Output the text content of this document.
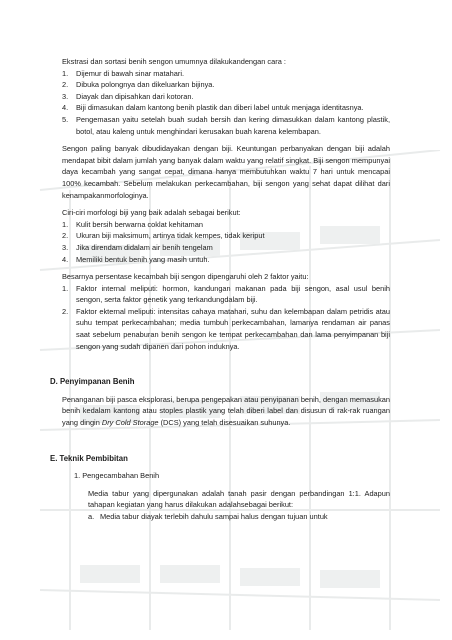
Ekstrasi dan sortasi benih sengon umumnya dilakukandengan cara :

1. Dijemur di bawah sinar matahari.
2. Dibuka polongnya dan dikeluarkan bijinya.
3. Diayak dan dipisahkan dari kotoran.
4. Biji dimasukan dalam kantong benih plastik dan diberi label untuk menjaga identitasnya.
5. Pengemasan yaitu setelah buah sudah bersih dan kering dimasukkan dalam kantong plastik, botol, atau kaleng untuk menghindari kerusakan buah karena kelembapan.

Sengon paling banyak dibudidayakan dengan biji. Keuntungan perbanyakan dengan biji adalah mendapat bibit dalam jumlah yang banyak dalam waktu yang relatif singkat. Biji sengon mempunyai daya kecambah yang sangat cepat, dimana hanya membutuhkan waktu 7 hari untuk mencapai 100% kecambah. Sebelum melakukan perkecambahan, biji sengon yang sehat dapat dilihat dari kenampakanmorfologinya.

Ciri-ciri morfologi biji yang baik adalah sebagai berikut:

1. Kulit bersih berwarna coklat kehitaman
2. Ukuran biji maksimum, artinya tidak kempes, tidak keriput
3. Jika direndam didalam air benih tengelam
4. Memiliki bentuk benih yang masih untuh.

Besarnya persentase kecambah biji sengon dipengaruhi oleh 2 faktor yaitu:

1. Faktor internal meliputi: hormon, kandungan makanan pada biji sengon, asal usul benih sengon, serta faktor genetik yang terkandungdalam biji.
2. Faktor ekternal meliputi: intensitas cahaya matahari, suhu dan kelembapan dalam petridis atau suhu tempat perkecambahan; media tumbuh perkecambahan, lamanya rendaman air panas saat sebelum penaburan benih sengon ke tempat perkecambahan dan lama penyimpanan biji sengon yang sudah dipanen dari pohon induknya.

D. Penyimpanan Benih

Penanganan biji pasca eksplorasi, berupa pengepakan atau penyipanan benih, dengan memasukan benih kedalam kantong atau stoples plastik yang telah diberi label dan disusun di rak-rak ruangan yang dingin Dry Cold Storage (DCS) yang telah disesuaikan suhunya.

E. Teknik Pembibitan

1. Pengecambahan Benih

Media tabur yang dipergunakan adalah tanah pasir dengan perbandingan 1:1. Adapun tahapan kegiatan yang harus dilakukan adalahsebagai berikut:

a. Media tabur diayak terlebih dahulu sampai halus dengan tujuan untuk
